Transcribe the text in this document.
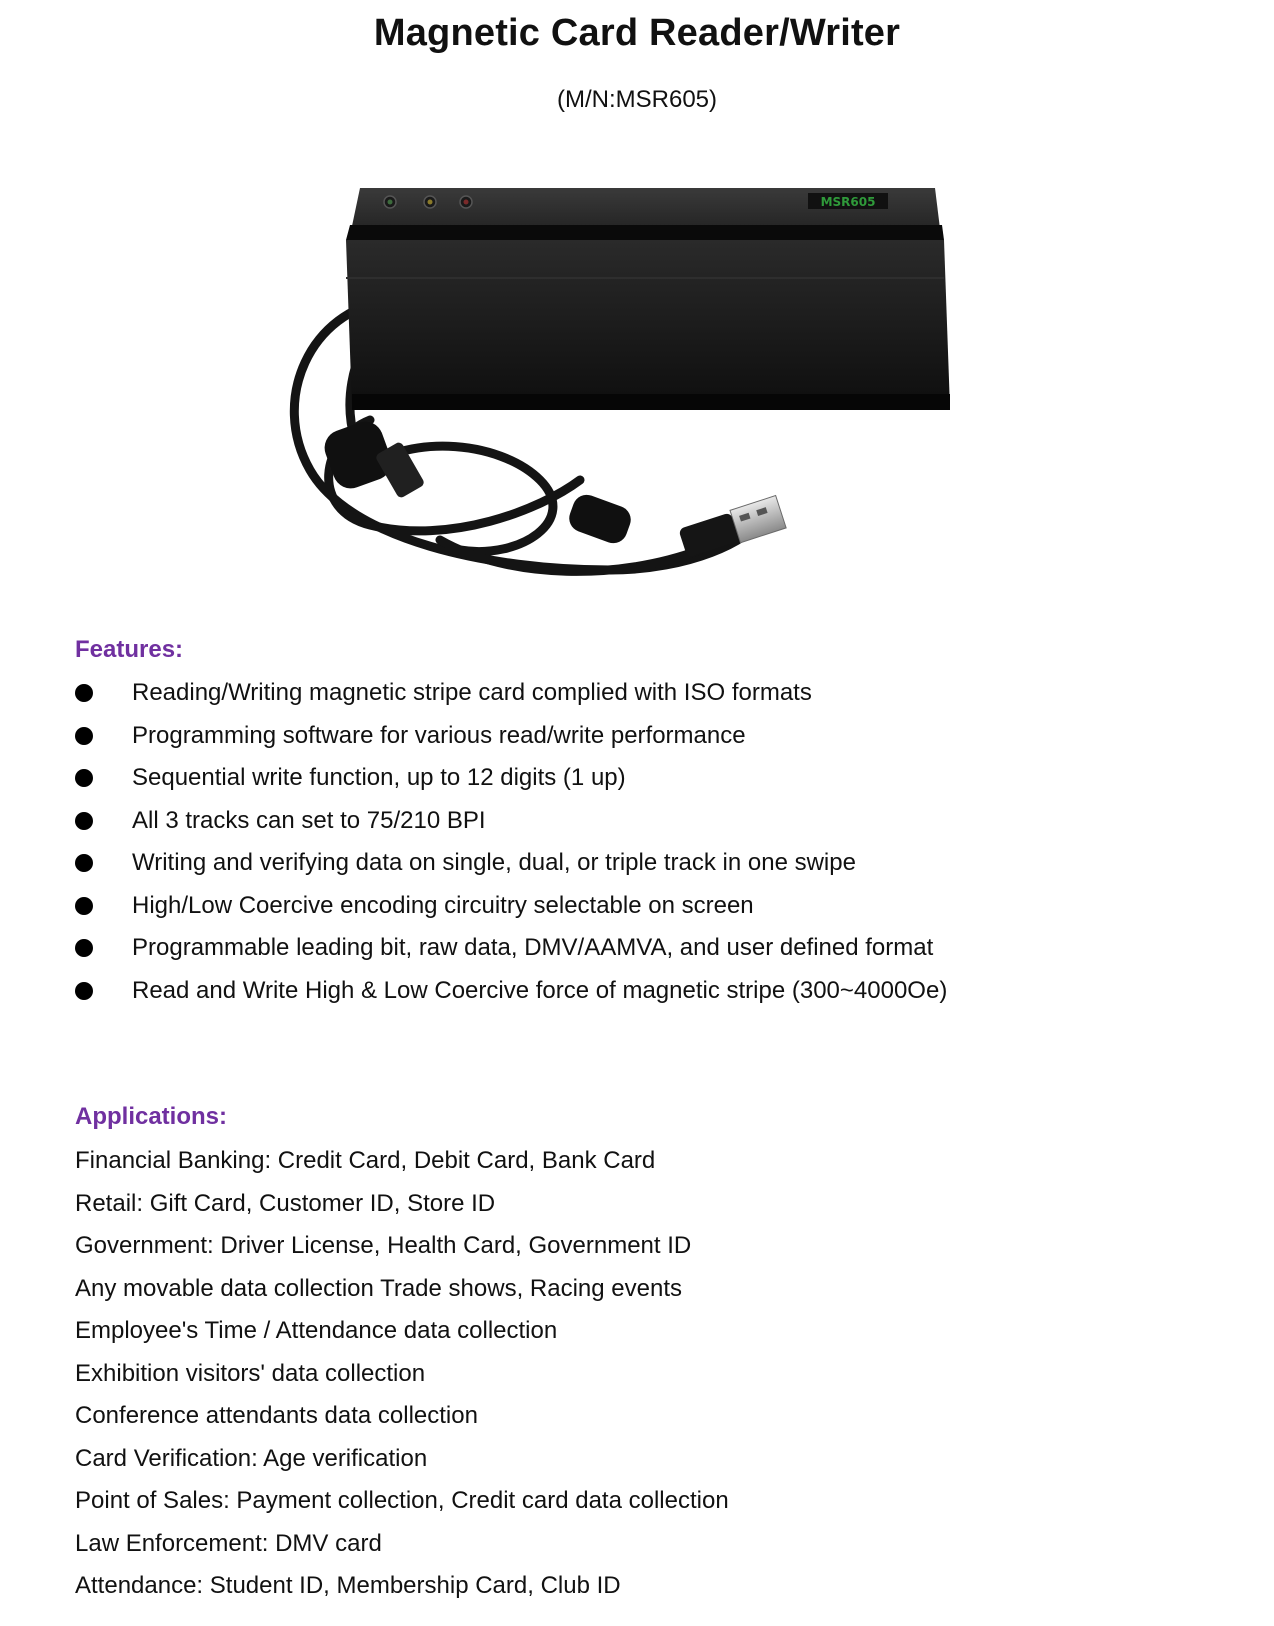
Magnetic Card Reader/Writer
(M/N:MSR605)
MSR605
Features:
Reading/Writing magnetic stripe card complied with ISO formats
Programming software for various read/write performance
Sequential write function, up to 12 digits (1 up)
All 3 tracks can set to 75/210 BPI
Writing and verifying data on single, dual, or triple track in one swipe
High/Low Coercive encoding circuitry selectable on screen
Programmable leading bit, raw data, DMV/AAMVA, and user defined format
Read and Write High & Low Coercive force of magnetic stripe (300~4000Oe)
Applications:
Financial Banking: Credit Card, Debit Card, Bank Card
Retail: Gift Card, Customer ID, Store ID
Government: Driver License, Health Card, Government ID
Any movable data collection Trade shows, Racing events
Employee's Time / Attendance data collection
Exhibition visitors' data collection
Conference attendants data collection
Card Verification: Age verification
Point of Sales: Payment collection, Credit card data collection
Law Enforcement: DMV card
Attendance: Student ID, Membership Card, Club ID
